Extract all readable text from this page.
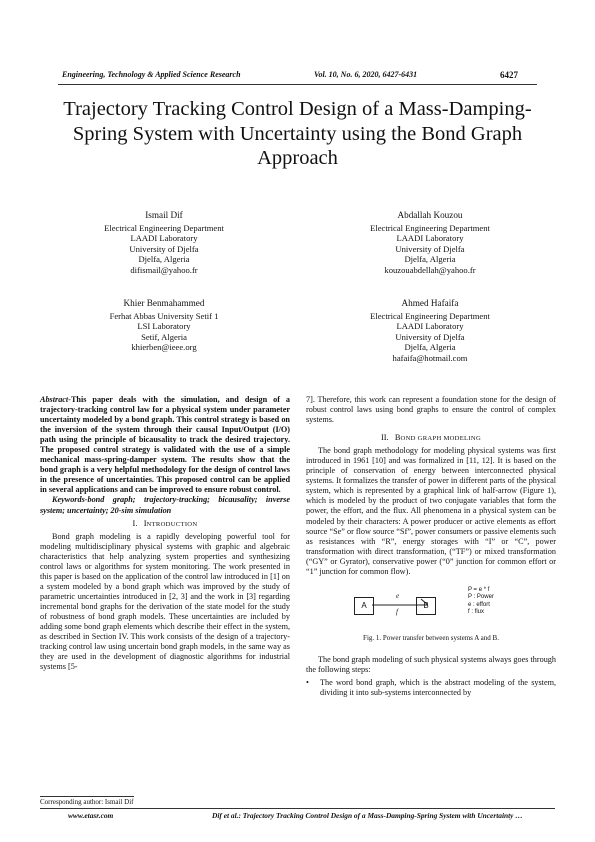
Engineering, Technology & Applied Science Research	Vol. 10, No. 6, 2020, 6427-6431	6427
Trajectory Tracking Control Design of a Mass-Damping-Spring System with Uncertainty using the Bond Graph Approach
Ismail Dif
Electrical Engineering Department
LAADI Laboratory
University of Djelfa
Djelfa, Algeria
difismail@yahoo.fr
Abdallah Kouzou
Electrical Engineering Department
LAADI Laboratory
University of Djelfa
Djelfa, Algeria
kouzouabdellah@yahoo.fr
Khier Benmahammed
Ferhat Abbas University Setif 1
LSI Laboratory
Setif, Algeria
khierben@ieee.org
Ahmed Hafaifa
Electrical Engineering Department
LAADI Laboratory
University of Djelfa
Djelfa, Algeria
hafaifa@hotmail.com

Abstract-This paper deals with the simulation, and design of a trajectory-tracking control law for a physical system under parameter uncertainty modeled by a bond graph. This control strategy is based on the inversion of the system through their causal Input/Output (I/O) path using the principle of bicausality to track the desired trajectory. The proposed control strategy is validated with the use of a simple mechanical mass-spring-damper system. The results show that the bond graph is a very helpful methodology for the design of control laws in the presence of uncertainties. This proposed control can be applied in several applications and can be improved to ensure robust control.

Keywords-bond graph; trajectory-tracking; bicausality; inverse system; uncertainty; 20-sim simulation

I. INTRODUCTION

Bond graph modeling is a rapidly developing powerful tool for modeling multidisciplinary physical systems with graphic and algebraic characteristics that help analyzing system properties and synthesizing control laws or algorithms for system monitoring. The work presented in this paper is based on the application of the control law introduced in [1] on a system modeled by a bond graph which was improved by the study of parametric uncertainties introduced in [2, 3] and the work in [3] regarding incremental bond graphs for the derivation of the state model for the study of robustness of bond graph models. These uncertainties are included by adding some bond graph elements which describe their effect in the system, as described in Section IV. This work consists of the design of a trajectory-tracking control law using uncertain bond graph models, in the same way as they are used in the development of diagnostic algorithms for industrial systems [5-

7]. Therefore, this work can represent a foundation stone for the design of robust control laws using bond graphs to ensure the control of complex systems.

II. BOND GRAPH MODELING

The bond graph methodology for modeling physical systems was first introduced in 1961 [10] and was formalized in [11, 12]. It is based on the principle of conservation of energy between interconnected physical systems. It formalizes the transfer of power in different parts of the physical system, which is represented by a graphical link of half-arrow (Figure 1), which is modeled by the product of two conjugate variables that form the power, the effort, and the flux. All phenomena in a physical system can be modeled by their characters: A power producer or active elements as effort source “Se” or flow source “Sf”, power consumers or passive elements such as resistances with “R”, energy storages with “I” or “C”, power transformation with direct transformation, (“TF”) or mixed transformation (“GY” or Gyrator), conservative power (“0” junction for common effort or “1” junction for common flow).

A
e
f
B
P = e * f
P : Power
e : effort
f : flux
Fig. 1. Power transfer between systems A and B.

The bond graph modeling of such physical systems always goes through the following steps:

•	The word bond graph, which is the abstract modeling of the system, dividing it into sub-systems interconnected by
Corresponding author: Ismail Dif
www.etasr.com	Dif et al.: Trajectory Tracking Control Design of a Mass-Damping-Spring System with Uncertainty …
